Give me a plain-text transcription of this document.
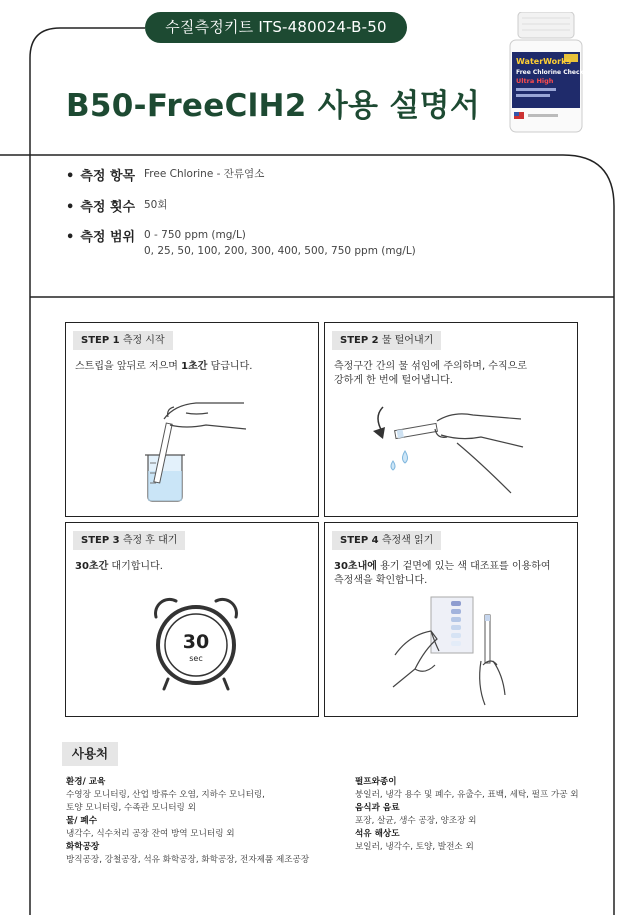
수질측정키트 ITS-480024-B-50
B50-FreeClH2 사용 설명서
WaterWorks
Free Chlorine Check
Ultra High
• 측정 항목 Free Chlorine - 잔류염소
• 측정 횟수 50회
• 측정 범위 0 - 750 ppm (mg/L)
0, 25, 50, 100, 200, 300, 400, 500, 750 ppm (mg/L)
STEP 1 측정 시작
스트립을 앞뒤로 저으며 1초간 담급니다.
STEP 2 물 털어내기
측정구간 간의 물 섞임에 주의하며, 수직으로
강하게 한 번에 털어냅니다.
STEP 3 측정 후 대기
30초간 대기합니다.
30
sec
STEP 4 측정색 읽기
30초내에 용기 겉면에 있는 색 대조표를 이용하여
측정색을 확인합니다.
사용처
환경/ 교육
수영장 모니터링, 산업 방류수 오염, 지하수 모니터링,
토양 모니터링, 수족관 모니터링 외
물/ 폐수
냉각수, 식수처리 공장 잔여 방역 모니터링 외
화학공장
방직공장, 강철공장, 석유 화학공장, 화학공장, 전자제품 제조공장
펄프와종이
붕일러, 냉각 용수 및 폐수, 유출수, 표백, 세탁, 펄프 가공 외
음식과 음료
포장, 살균, 생수 공장, 양조장 외
석유 해상도
보일러, 냉각수, 토양, 발전소 외
